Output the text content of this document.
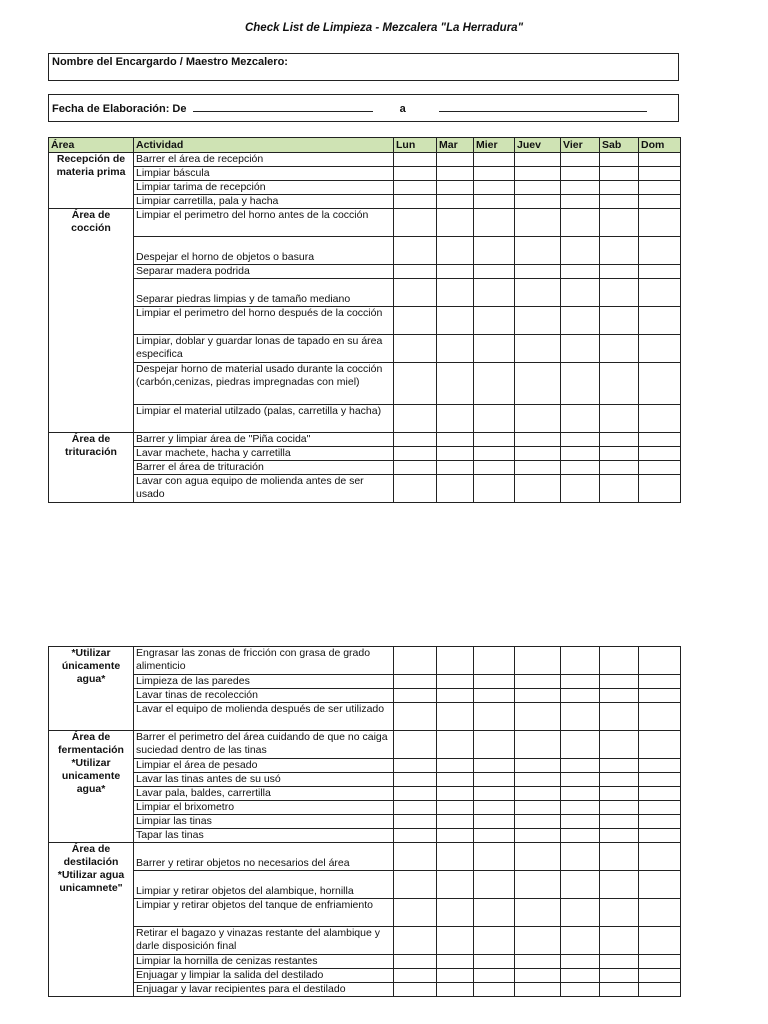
Check List de Limpieza - Mezcalera "La Herradura"
Nombre del Encargardo / Maestro Mezcalero:
Fecha de Elaboración: De	a
Área	Actividad	Lun	Mar	Mier	Juev	Vier	Sab	Dom
Recepción de materia prima	Barrer el área de recepción							
	Limpiar báscula							
	Limpiar tarima de recepción							
	Limpiar carretilla, pala y hacha							
Área de cocción	Limpiar el perimetro del horno antes de la cocción							
	Despejar el horno de objetos o basura							
	Separar madera podrida							
	Separar piedras limpias y de tamaño mediano							
	Limpiar el perimetro del horno después de la cocción							
	Limpiar, doblar y guardar lonas de tapado en su área especifica							
	Despejar horno de material usado durante la cocción (carbón,cenizas, piedras impregnadas con miel)							
	Limpiar el material utilzado (palas, carretilla y hacha)							
Área de trituración	Barrer y limpiar área de "Piña cocida"							
	Lavar machete, hacha y carretilla							
	Barrer el área de trituración							
	Lavar con agua equipo de molienda antes de ser usado							
*Utilizar únicamente agua*	Engrasar las zonas de fricción con grasa de grado alimenticio							
	Limpieza de las paredes							
	Lavar tinas de recolección							
	Lavar el equipo de molienda después de ser utilizado							
Área de fermentación *Utilizar unicamente agua*	Barrer el perimetro del área cuidando de que no caiga suciedad dentro de las tinas							
	Limpiar el área de pesado							
	Lavar las tinas antes de su usó							
	Lavar pala, baldes, carrertilla							
	Limpiar el brixometro							
	Limpiar las tinas							
	Tapar las tinas							
Área de destilación *Utilizar agua unicamnete"	Barrer y retirar objetos no necesarios del área							
	Limpiar y retirar objetos del alambique, hornilla							
	Limpiar y retirar objetos del tanque de enfriamiento							
	Retirar el bagazo y vinazas restante del alambique y darle disposición final							
	Limpiar la hornilla de cenizas restantes							
	Enjuagar y limpiar la salida del destilado							
	Enjuagar y lavar recipientes para el destilado							
